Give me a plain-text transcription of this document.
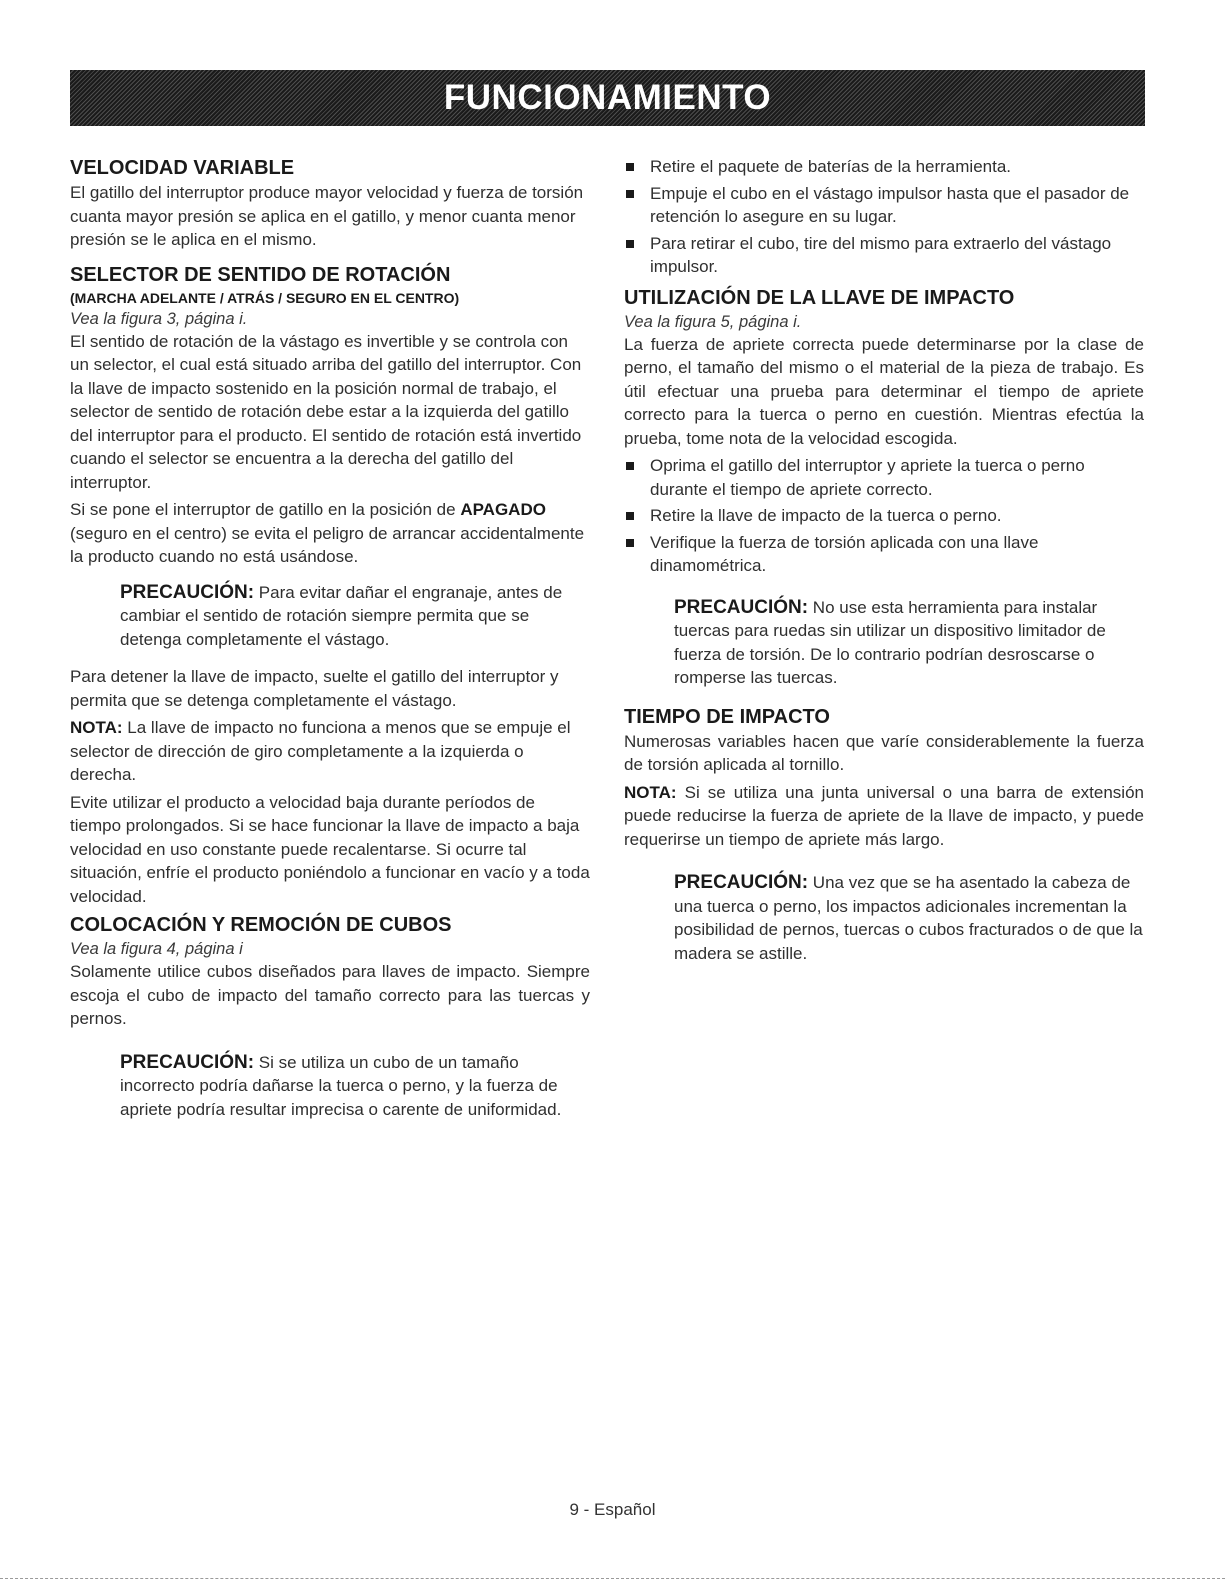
FUNCIONAMIENTO
VELOCIDAD VARIABLE

El gatillo del interruptor produce mayor velocidad y fuerza de torsión cuanta mayor presión se aplica en el gatillo, y menor cuanta menor presión se le aplica en el mismo.

SELECTOR DE SENTIDO DE ROTACIÓN
(MARCHA ADELANTE / ATRÁS / SEGURO EN EL CENTRO)
Vea la figura 3, página i.

El sentido de rotación de la vástago es invertible y se controla con un selector, el cual está situado arriba del gatillo del interruptor. Con la llave de impacto sostenido en la posición normal de trabajo, el selector de sentido de rotación debe estar a la izquierda del gatillo del interruptor para el producto. El sentido de rotación está invertido cuando el selector se encuentra a la derecha del gatillo del interruptor.

Si se pone el interruptor de gatillo en la posición de APAGADO (seguro en el centro) se evita el peligro de arrancar accidentalmente la producto cuando no está usándose.

PRECAUCIÓN: Para evitar dañar el engranaje, antes de cambiar el sentido de rotación siempre permita que se detenga completamente el vástago.

Para detener la llave de impacto, suelte el gatillo del interruptor y permita que se detenga completamente el vástago.

NOTA: La llave de impacto no funciona a menos que se empuje el selector de dirección de giro completamente a la izquierda o derecha.

Evite utilizar el producto a velocidad baja durante períodos de tiempo prolongados. Si se hace funcionar la llave de impacto a baja velocidad en uso constante puede recalentarse. Si ocurre tal situación, enfríe el producto poniéndolo a funcionar en vacío y a toda velocidad.

COLOCACIÓN Y REMOCIÓN DE CUBOS
Vea la figura 4, página i

Solamente utilice cubos diseñados para llaves de impacto. Siempre escoja el cubo de impacto del tamaño correcto para las tuercas y pernos.

PRECAUCIÓN: Si se utiliza un cubo de un tamaño incorrecto podría dañarse la tuerca o perno, y la fuerza de apriete podría resultar imprecisa o carente de uniformidad.

Retire el paquete de baterías de la herramienta.
Empuje el cubo en el vástago impulsor hasta que el pasador de retención lo asegure en su lugar.
Para retirar el cubo, tire del mismo para extraerlo del vástago impulsor.
UTILIZACIÓN DE LA LLAVE DE IMPACTO
Vea la figura 5, página i.

La fuerza de apriete correcta puede determinarse por la clase de perno, el tamaño del mismo o el material de la pieza de trabajo. Es útil efectuar una prueba para determinar el tiempo de apriete correcto para la tuerca o perno en cuestión. Mientras efectúa la prueba, tome nota de la velocidad escogida.

Oprima el gatillo del interruptor y apriete la tuerca o perno durante el tiempo de apriete correcto.
Retire la llave de impacto de la tuerca o perno.
Verifique la fuerza de torsión aplicada con una llave dinamométrica.

PRECAUCIÓN: No use esta herramienta para instalar tuercas para ruedas sin utilizar un dispositivo limitador de fuerza de torsión. De lo contrario podrían desroscarse o romperse las tuercas.

TIEMPO DE IMPACTO

Numerosas variables hacen que varíe considerablemente la fuerza de torsión aplicada al tornillo.

NOTA: Si se utiliza una junta universal o una barra de extensión puede reducirse la fuerza de apriete de la llave de impacto, y puede requerirse un tiempo de apriete más largo.

PRECAUCIÓN: Una vez que se ha asentado la cabeza de una tuerca o perno, los impactos adicionales incrementan la posibilidad de pernos, tuercas o cubos fracturados o de que la madera se astille.

9 - Español
